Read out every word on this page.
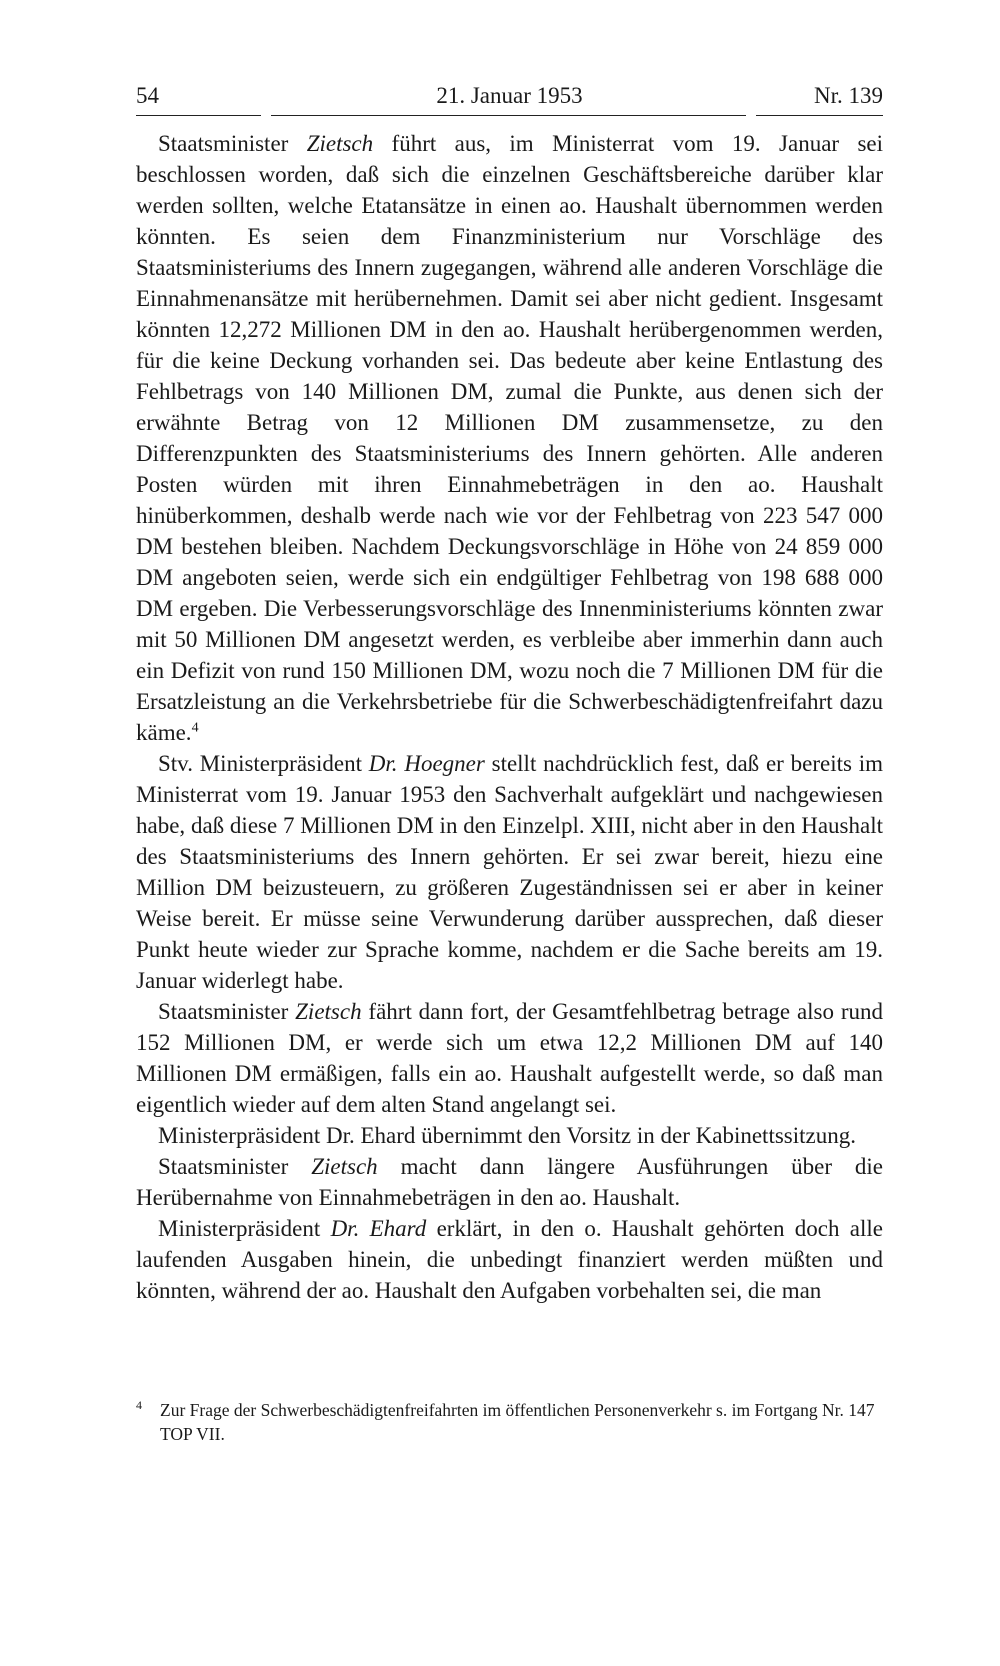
54	21. Januar 1953	Nr. 139

Staatsminister Zietsch führt aus, im Ministerrat vom 19. Januar sei beschlossen worden, daß sich die einzelnen Geschäftsbereiche darüber klar werden sollten, welche Etatansätze in einen ao. Haushalt übernommen werden könnten. Es seien dem Finanzministerium nur Vorschläge des Staatsministeriums des Innern zugegangen, während alle anderen Vorschläge die Einnahmenansätze mit herübernehmen. Damit sei aber nicht gedient. Insgesamt könnten 12,272 Millionen DM in den ao. Haushalt herübergenommen werden, für die keine Deckung vorhanden sei. Das bedeute aber keine Entlastung des Fehlbetrags von 140 Millionen DM, zumal die Punkte, aus denen sich der erwähnte Betrag von 12 Millionen DM zusammensetze, zu den Differenzpunkten des Staatsministeriums des Innern gehörten. Alle anderen Posten würden mit ihren Einnahmebeträgen in den ao. Haushalt hinüberkommen, deshalb werde nach wie vor der Fehlbetrag von 223 547 000 DM bestehen bleiben. Nachdem Deckungsvorschläge in Höhe von 24 859 000 DM angeboten seien, werde sich ein endgültiger Fehlbetrag von 198 688 000 DM ergeben. Die Verbesserungsvorschläge des Innenministeriums könnten zwar mit 50 Millionen DM angesetzt werden, es verbleibe aber immerhin dann auch ein Defizit von rund 150 Millionen DM, wozu noch die 7 Millionen DM für die Ersatzleistung an die Verkehrsbetriebe für die Schwerbeschädigtenfreifahrt dazu käme.$^4$

Stv. Ministerpräsident Dr. Hoegner stellt nachdrücklich fest, daß er bereits im Ministerrat vom 19. Januar 1953 den Sachverhalt aufgeklärt und nachgewiesen habe, daß diese 7 Millionen DM in den Einzelpl. XIII, nicht aber in den Haushalt des Staatsministeriums des Innern gehörten. Er sei zwar bereit, hiezu eine Million DM beizusteuern, zu größeren Zugeständnissen sei er aber in keiner Weise bereit. Er müsse seine Verwunderung darüber aussprechen, daß dieser Punkt heute wieder zur Sprache komme, nachdem er die Sache bereits am 19. Januar widerlegt habe.

Staatsminister Zietsch fährt dann fort, der Gesamtfehlbetrag betrage also rund 152 Millionen DM, er werde sich um etwa 12,2 Millionen DM auf 140 Millionen DM ermäßigen, falls ein ao. Haushalt aufgestellt werde, so daß man eigentlich wieder auf dem alten Stand angelangt sei.

Ministerpräsident Dr. Ehard übernimmt den Vorsitz in der Kabinettssitzung.

Staatsminister Zietsch macht dann längere Ausführungen über die Herübernahme von Einnahmebeträgen in den ao. Haushalt.

Ministerpräsident Dr. Ehard erklärt, in den o. Haushalt gehörten doch alle laufenden Ausgaben hinein, die unbedingt finanziert werden müßten und könnten, während der ao. Haushalt den Aufgaben vorbehalten sei, die man

4 Zur Frage der Schwerbeschädigtenfreifahrten im öffentlichen Personenverkehr s. im Fortgang Nr. 147 TOP VII.
